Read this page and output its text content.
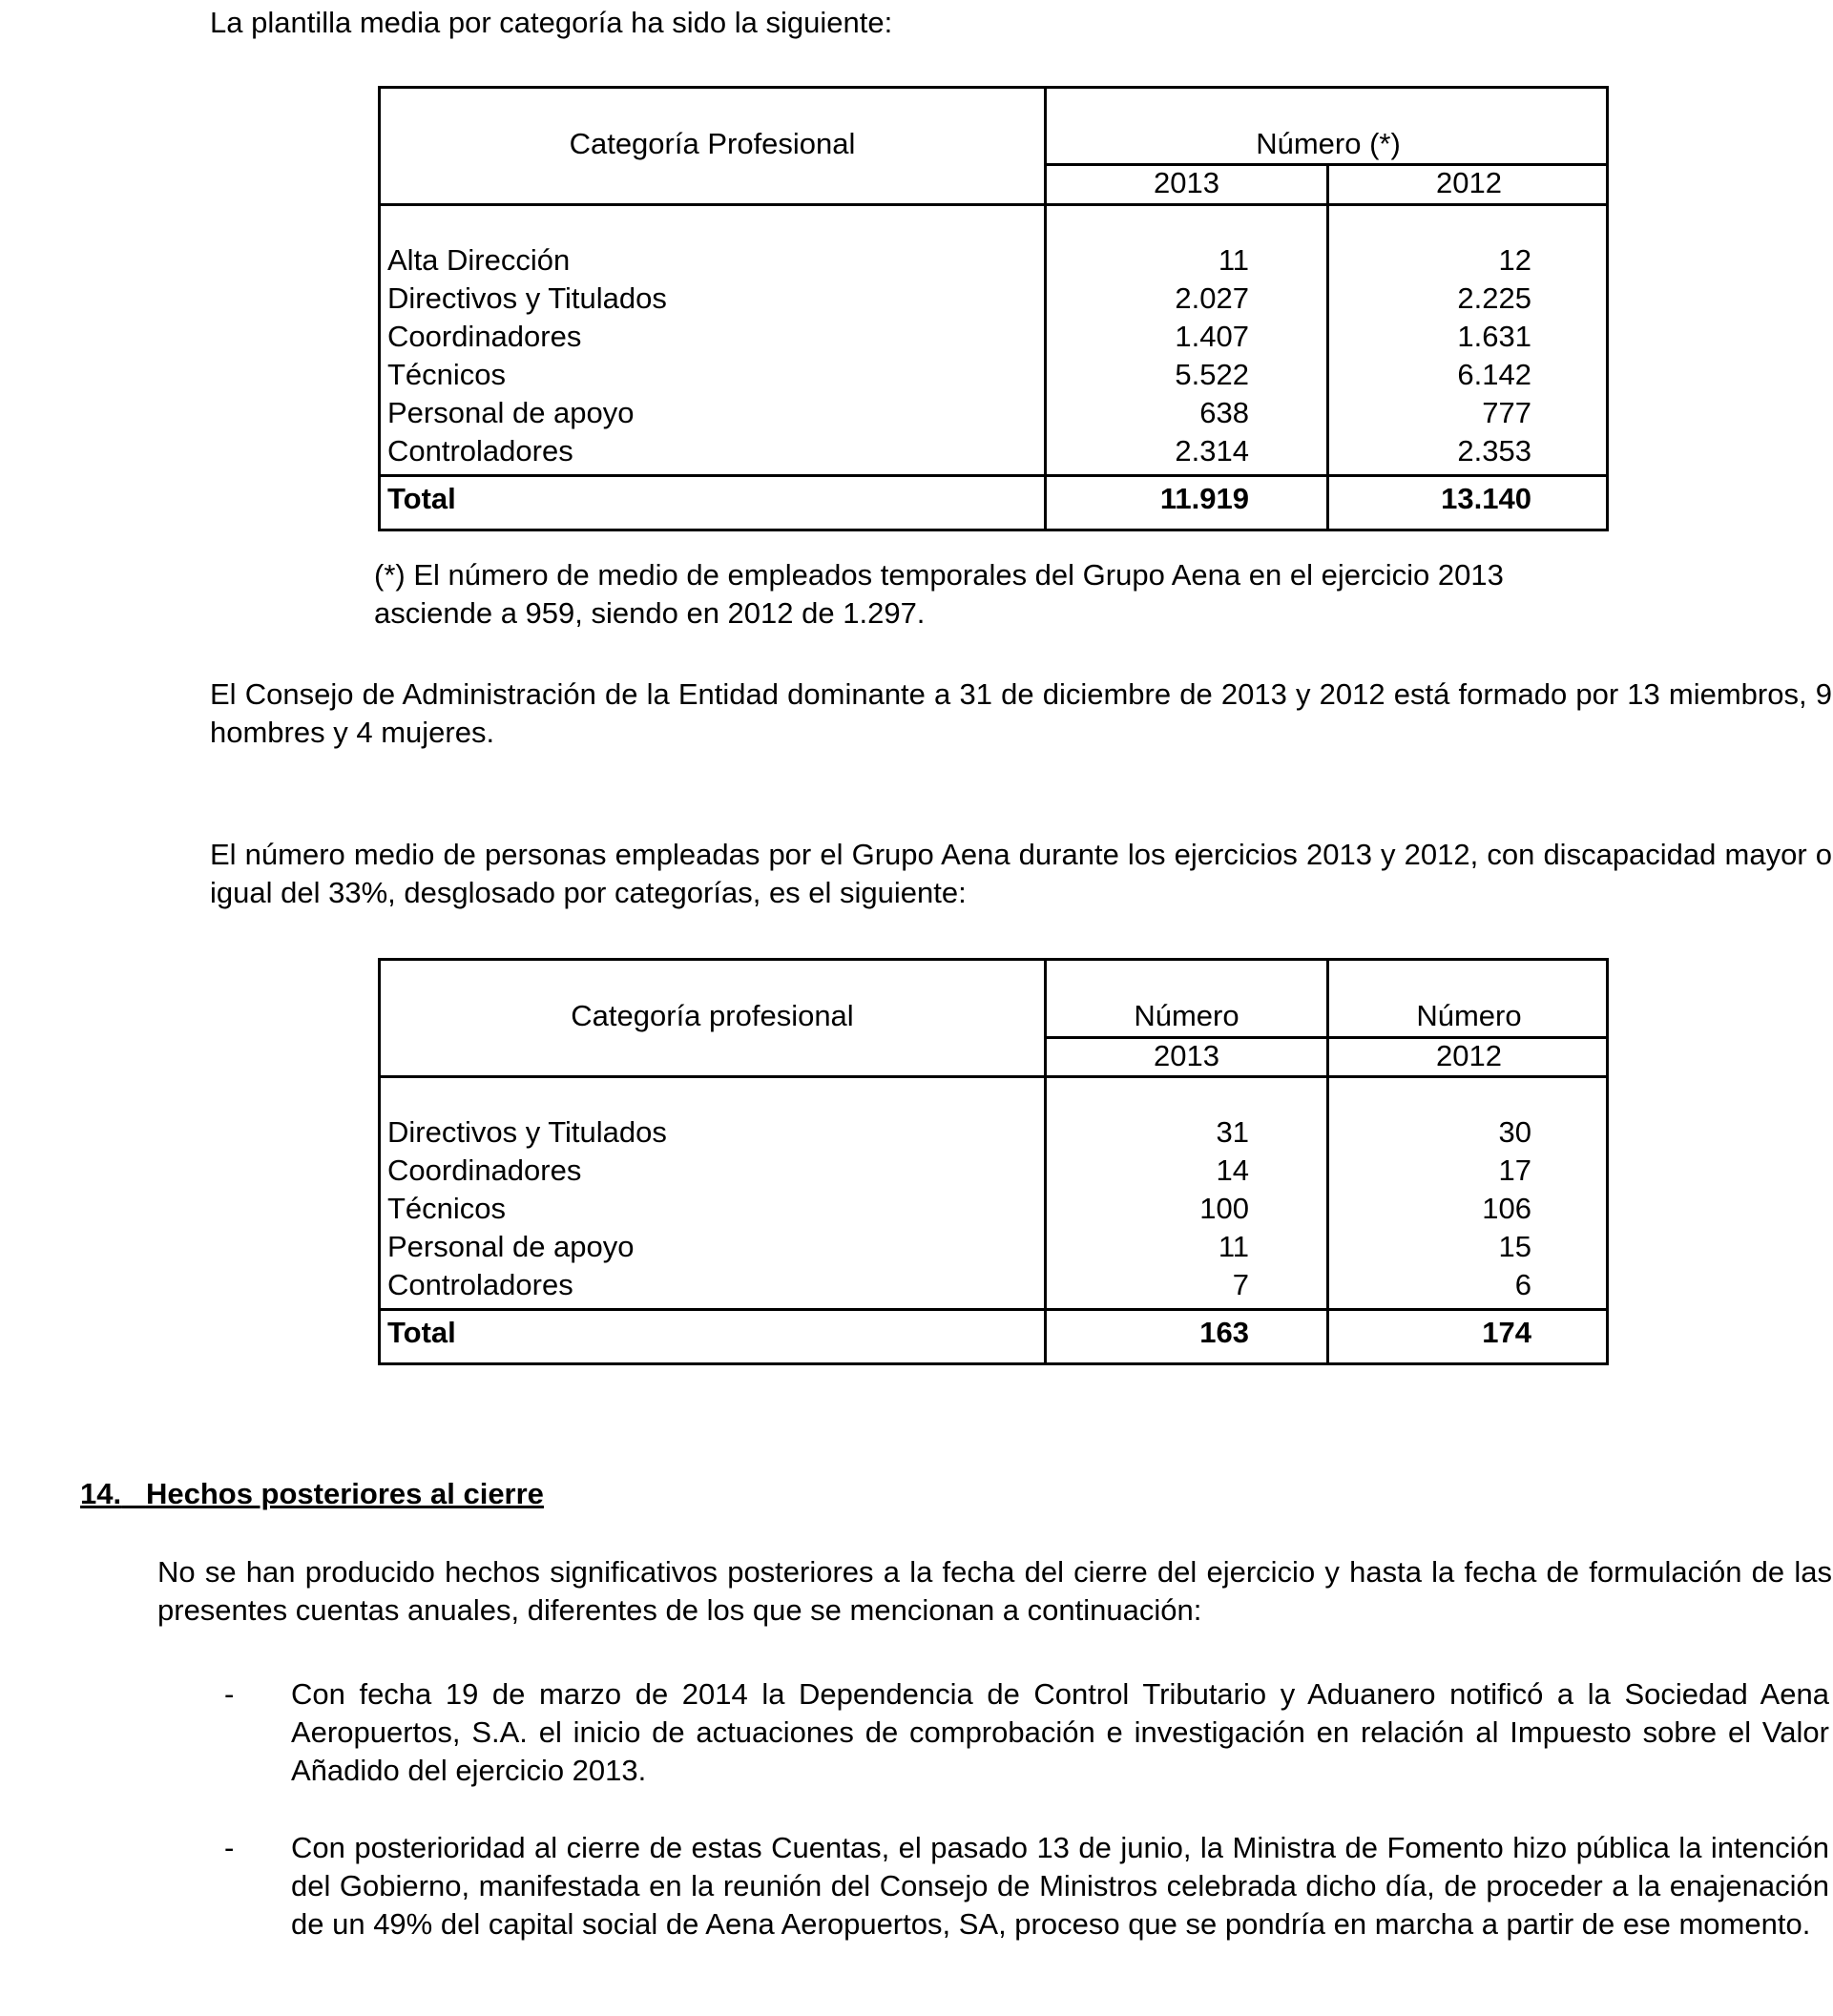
La plantilla media por categoría ha sido la siguiente:

Categoría Profesional	Número (*)
2013	2012
Alta Dirección	11	12
Directivos y Titulados	2.027	2.225
Coordinadores	1.407	1.631
Técnicos	5.522	6.142
Personal de apoyo	638	777
Controladores	2.314	2.353
Total	11.919	13.140

(*) El número de medio de empleados temporales del Grupo Aena en el ejercicio 2013 asciende a 959, siendo en 2012 de 1.297.

El Consejo de Administración de la Entidad dominante a 31 de diciembre de 2013 y 2012 está formado por 13 miembros, 9 hombres y 4 mujeres.

El número medio de personas empleadas por el Grupo Aena durante los ejercicios 2013 y 2012, con discapacidad mayor o igual del 33%, desglosado por categorías, es el siguiente:

Categoría profesional	Número	Número
2013	2012
Directivos y Titulados	31	30
Coordinadores	14	17
Técnicos	100	106
Personal de apoyo	11	15
Controladores	7	6
Total	163	174

14. Hechos posteriores al cierre

No se han producido hechos significativos posteriores a la fecha del cierre del ejercicio y hasta la fecha de formulación de las presentes cuentas anuales, diferentes de los que se mencionan a continuación:

- Con fecha 19 de marzo de 2014 la Dependencia de Control Tributario y Aduanero notificó a la Sociedad Aena Aeropuertos, S.A. el inicio de actuaciones de comprobación e investigación en relación al Impuesto sobre el Valor Añadido del ejercicio 2013.

- Con posterioridad al cierre de estas Cuentas, el pasado 13 de junio, la Ministra de Fomento hizo pública la intención del Gobierno, manifestada en la reunión del Consejo de Ministros celebrada dicho día, de proceder a la enajenación de un 49% del capital social de Aena Aeropuertos, SA, proceso que se pondría en marcha a partir de ese momento.
